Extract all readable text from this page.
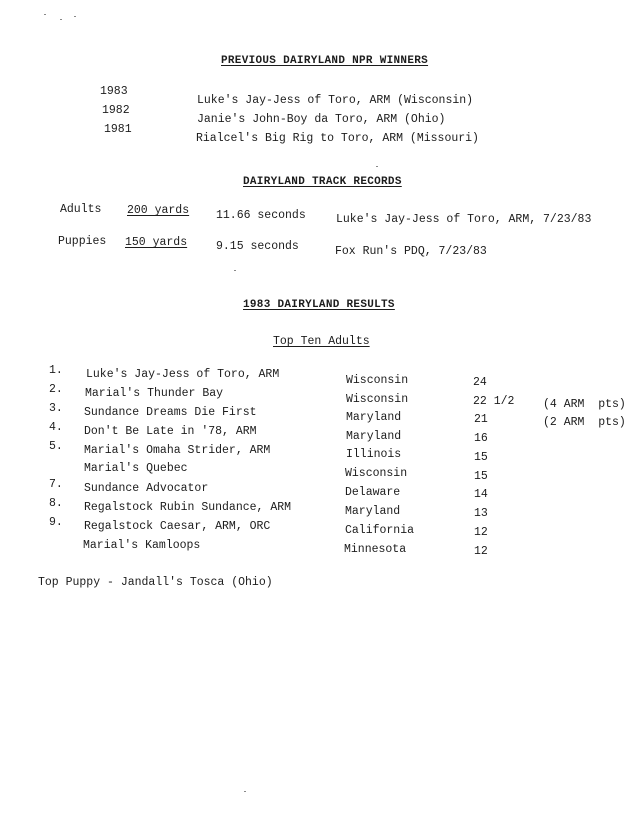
PREVIOUS DAIRYLAND NPR WINNERS
1983
Luke's Jay-Jess of Toro, ARM (Wisconsin)
1982
Janie's John-Boy da Toro, ARM (Ohio)
1981
Rialcel's Big Rig to Toro, ARM (Missouri)
DAIRYLAND TRACK RECORDS
Adults 200 yards 11.66 seconds	Luke's Jay-Jess of Toro, ARM, 7/23/83
Puppies 150 yards	9.15 seconds	Fox Run's PDQ, 7/23/83
1983 DAIRYLAND RESULTS
Top Ten Adults
1. Luke's Jay-Jess of Toro, ARM	Wisconsin	24
2. Marial's Thunder Bay	Wisconsin	22 1/2 (4 ARM  pts)
3. Sundance Dreams Die First	Maryland	21	(2 ARM  pts)
4. Don't Be Late in '78, ARM	Maryland	16
5. Marial's Omaha Strider, ARM	Illinois	15
Marial's Quebec	Wisconsin	15
7. Sundance Advocator	Delaware	14
8. Regalstock Rubin Sundance, ARM	Maryland	13
9. Regalstock Caesar, ARM, ORC	California	12
Marial's Kamloops	Minnesota	12
Top Puppy - Jandall's Tosca (Ohio)
